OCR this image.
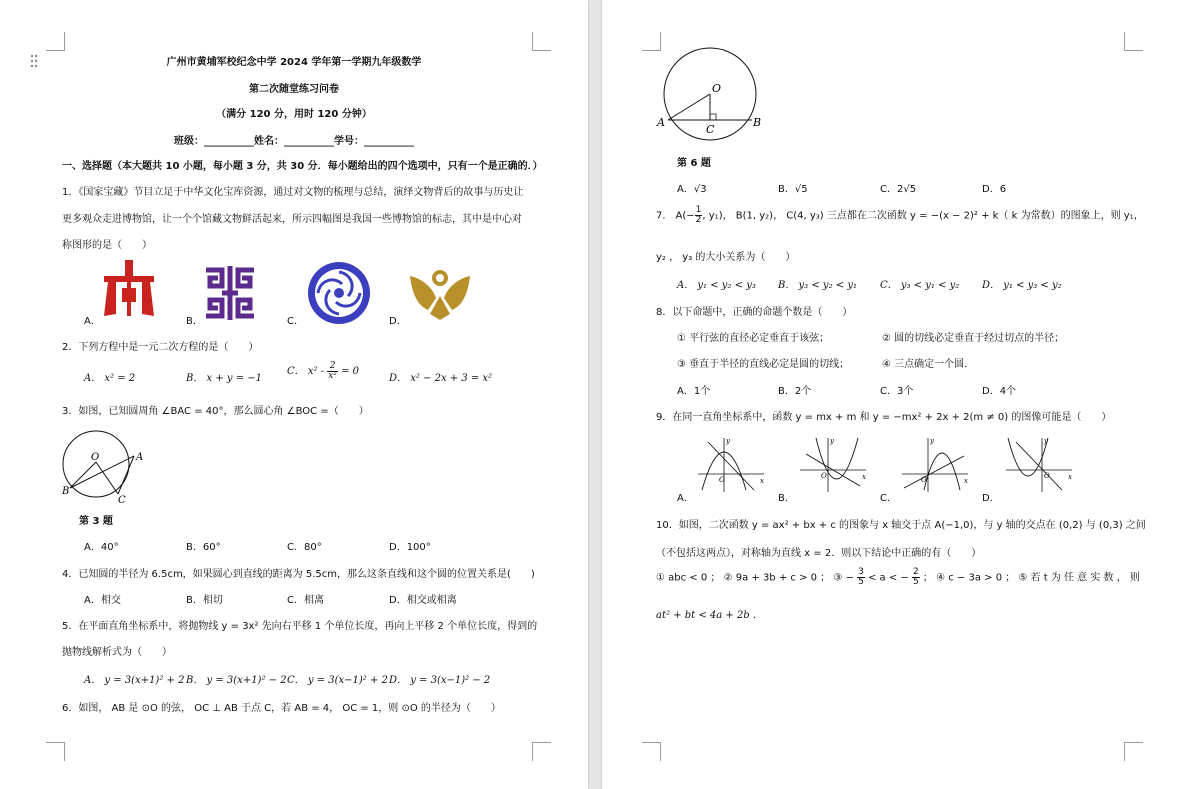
广州市黄埔军校纪念中学 2024 学年第一学期九年级数学
第二次随堂练习问卷
（满分 120 分，用时 120 分钟）
班级：__________姓名：__________学号：__________
一、选择题（本大题共 10 小题，每小题 3 分，共 30 分．每小题给出的四个选项中，只有一个是正确的．）
1．《国家宝藏》节目立足于中华文化宝库资源，通过对文物的梳理与总结，演绎文物背后的故事与历史让
更多观众走进博物馆，让一个个馆藏文物鲜活起来，所示四幅图是我国一些博物馆的标志，其中是中心对
称图形的是（　　）
A．	B．	C．	D．
2．下列方程中是一元二次方程的是（　　）
A． x² = 2	B． x + y = −1
C． $x^2 - \frac{2}{\text{x²}} = 0$
D． x² − 2x + 3 = x²
3．如图，已知圆周角 ∠BAC = 40°，那么圆心角 ∠BOC =（　　）
O	A
B
C
第 3 题
A．40°	B．60°	C．80°	D．100°
4．已知圆的半径为 6.5cm，如果圆心到直线的距离为 5.5cm，那么这条直线和这个圆的位置关系是(　　)
A．相交	B．相切	C．相离	D．相交或相离
5．在平面直角坐标系中，将抛物线 y = 3x² 先向右平移 1 个单位长度，再向上平移 2 个单位长度，得到的
抛物线解析式为（　　）
A． y = 3(x+1)² + 2 B． y = 3(x+1)² − 2 C． y = 3(x−1)² + 2 D． y = 3(x−1)² − 2
6．如图， AB 是 ⊙O 的弦， OC ⊥ AB 于点 C，若 AB = 4， OC = 1，则 ⊙O 的半径为（　　）
O
A
C
B
第 6 题
A．√3	B．√5	C．2√5	D．6
7． $A(- \frac{1}{2}$ , y₁)， B(1, y₂)， C(4, y₃) 三点都在二次函数 y = −(x − 2)² + k（ k 为常数）的图象上，则 y₁，
y₂ ， y₃ 的大小关系为（　　）
A． y₁ < y₂ < y₃ B． y₃ < y₂ < y₁ C． y₃ < y₁ < y₂ D． y₁ < y₃ < y₂
8．以下命题中，正确的命题个数是（　　）
① 平行弦的直径必定垂直于该弦；	② 圆的切线必定垂直于经过切点的半径；
③ 垂直于半径的直线必定是圆的切线；	④ 三点确定一个圆．
A．1个	B．2个	C．3个	D．4个
9．在同一直角坐标系中，函数 y = mx + m 和 y = −mx² + 2x + 2(m ≠ 0) 的图像可能是（　　）
y
x
O
y
x
O
y
x
O
y
x
O
A．	B．	C．	D．
10．如图，二次函数 y = ax² + bx + c 的图象与 x 轴交于点 A(−1,0)，与 y 轴的交点在 (0,2) 与 (0,3) 之间
（不包括这两点），对称轴为直线 x = 2．则以下结论中正确的有（　　）
① abc < 0 ； ② 9a + 3b + c > 0 ； ③ − $\frac{3}{5} < a$ < − $\frac{2}{5}$ ； ④ c − 3a > 0 ； ⑤ 若 t 为 任 意 实 数 ， 则
at² + bt < 4a + 2b .
